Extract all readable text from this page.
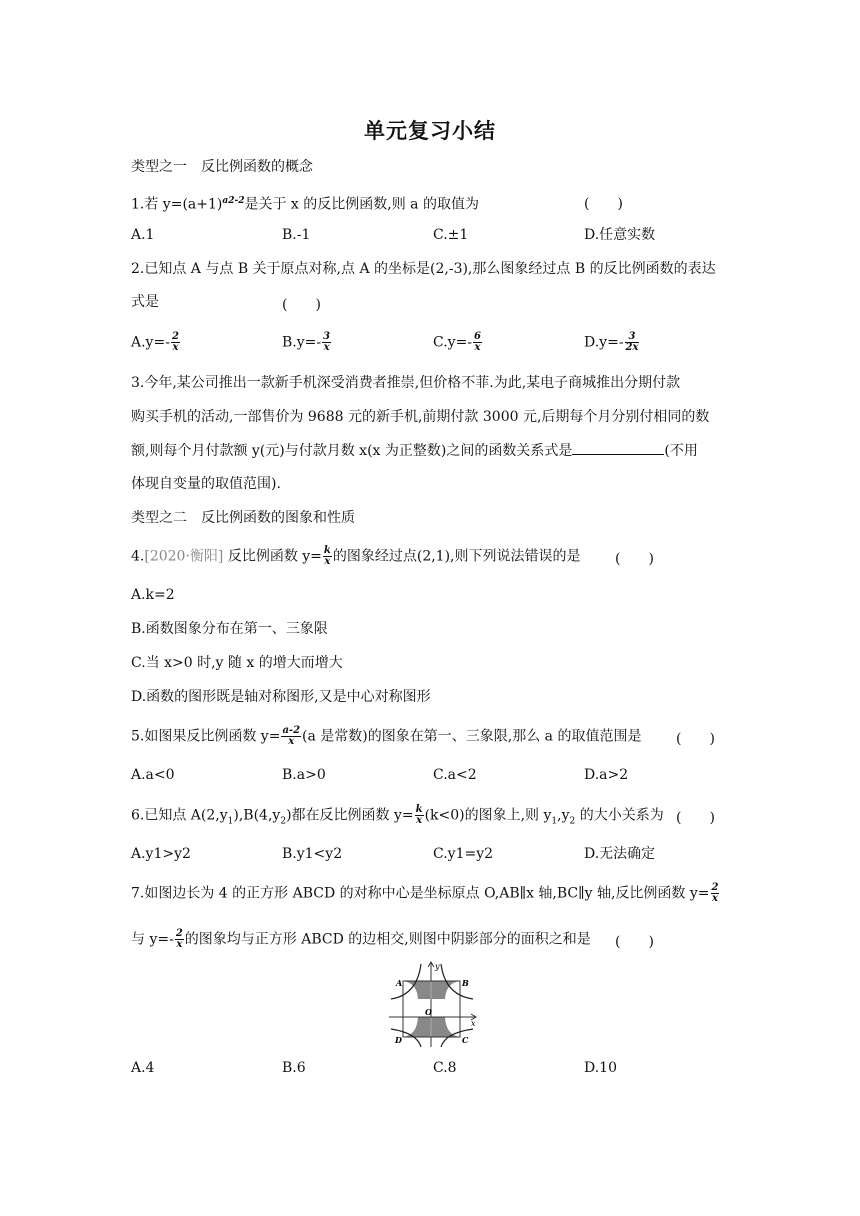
单元复习小结
类型之一　反比例函数的概念
1.若 $y=(a+1)^{a2-2}$是关于 x 的反比例函数,则 a 的取值为	(　　)
A.1	B.-1	C.±1	D.任意实数
2.已知点 A 与点 B 关于原点对称,点 A 的坐标是(2,-3),那么图象经过点 B 的反比例函数的表达
式是	(　　)
$A.y=- \frac{2}{x}$	$B.y=- \frac{3}{x}$	$C.y=- \frac{6}{x}$	$D.y=- \frac{3}{2x}$
3.今年,某公司推出一款新手机深受消费者推崇,但价格不菲.为此,某电子商城推出分期付款
购买手机的活动,一部售价为 9688 元的新手机,前期付款 3000 元,后期每个月分别付相同的数
额,则每个月付款额 y(元)与付款月数 x(x 为正整数)之间的函数关系式是	(不用
体现自变量的取值范围).
类型之二　反比例函数的图象和性质
4.[2020·衡阳] 反比例函数 $y= \frac{k}{x}$ 的图象经过点(2,1),则下列说法错误的是 (　　)
A.k=2
B.函数图象分布在第一、三象限
C.当 x>0 时,y 随 x 的增大而增大
D.函数的图形既是轴对称图形,又是中心对称图形
5.如图果反比例函数 $y= \frac{a-2}{x} (a$ 是常数)的图象在第一、三象限,那么 a 的取值范围是 (　　)
A.a<0	B.a>0	C.a<2	D.a>2
6.已知点 $A(2,y_1),B(4,y_2)$都在反比例函数 $y= \frac{k}{x} (k<0)$的图象上,则 $y_1,y_2$ 的大小关系为 (　　)
A.y1>y2	B.y1<y2	C.y1=y2	D.无法确定
7.如图边长为 4 的正方形 ABCD 的对称中心是坐标原点 O,AB∥x 轴,BC∥y 轴,反比例函数 $y= \frac{2}{x}$
与 $y=- \frac{2}{x}$ 的图象均与正方形 ABCD 的边相交,则图中阴影部分的面积之和是 (　　)
A	B
C
D
O
x
y
A.4	B.6	C.8	D.10
